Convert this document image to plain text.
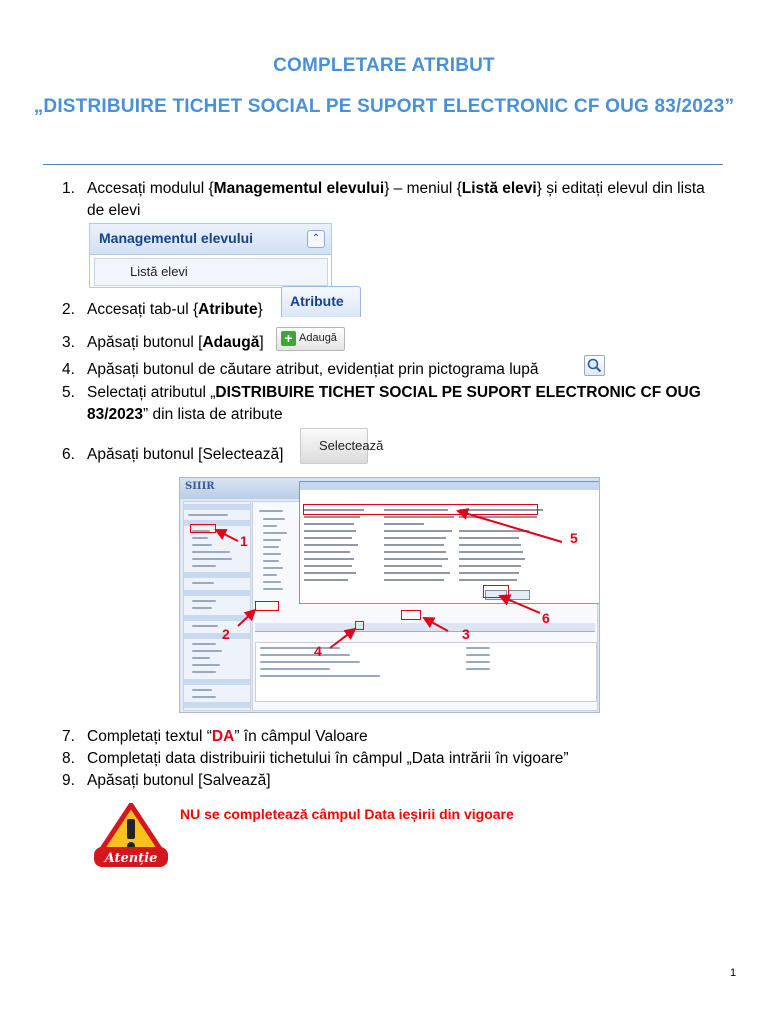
COMPLETARE ATRIBUT
„DISTRIBUIRE TICHET SOCIAL PE SUPORT ELECTRONIC CF OUG 83/2023”
1. Accesați modulul {Managementul elevului} – meniul {Listă elevi} și editați elevul din lista
de elevi
Managementul elevului	⌃
Listă elevi
2. Accesați tab-ul {Atribute} Atribute
3. Apăsați butonul [Adaugă] + Adaugă
4. Apăsați butonul de căutare atribut, evidențiat prin pictograma lupă
5. Selectați atributul „DISTRIBUIRE TICHET SOCIAL PE SUPORT ELECTRONIC CF OUG
83/2023” din lista de atribute
6. Apăsați butonul [Selectează]
Selectează
SIIIR
1
2	3
4
5
6
7. Completați textul “DA” în câmpul Valoare
8. Completați data distribuirii tichetului în câmpul „Data intrării în vigoare”
9. Apăsați butonul [Salvează]
Atenție
NU se completează câmpul Data ieșirii din vigoare
1
